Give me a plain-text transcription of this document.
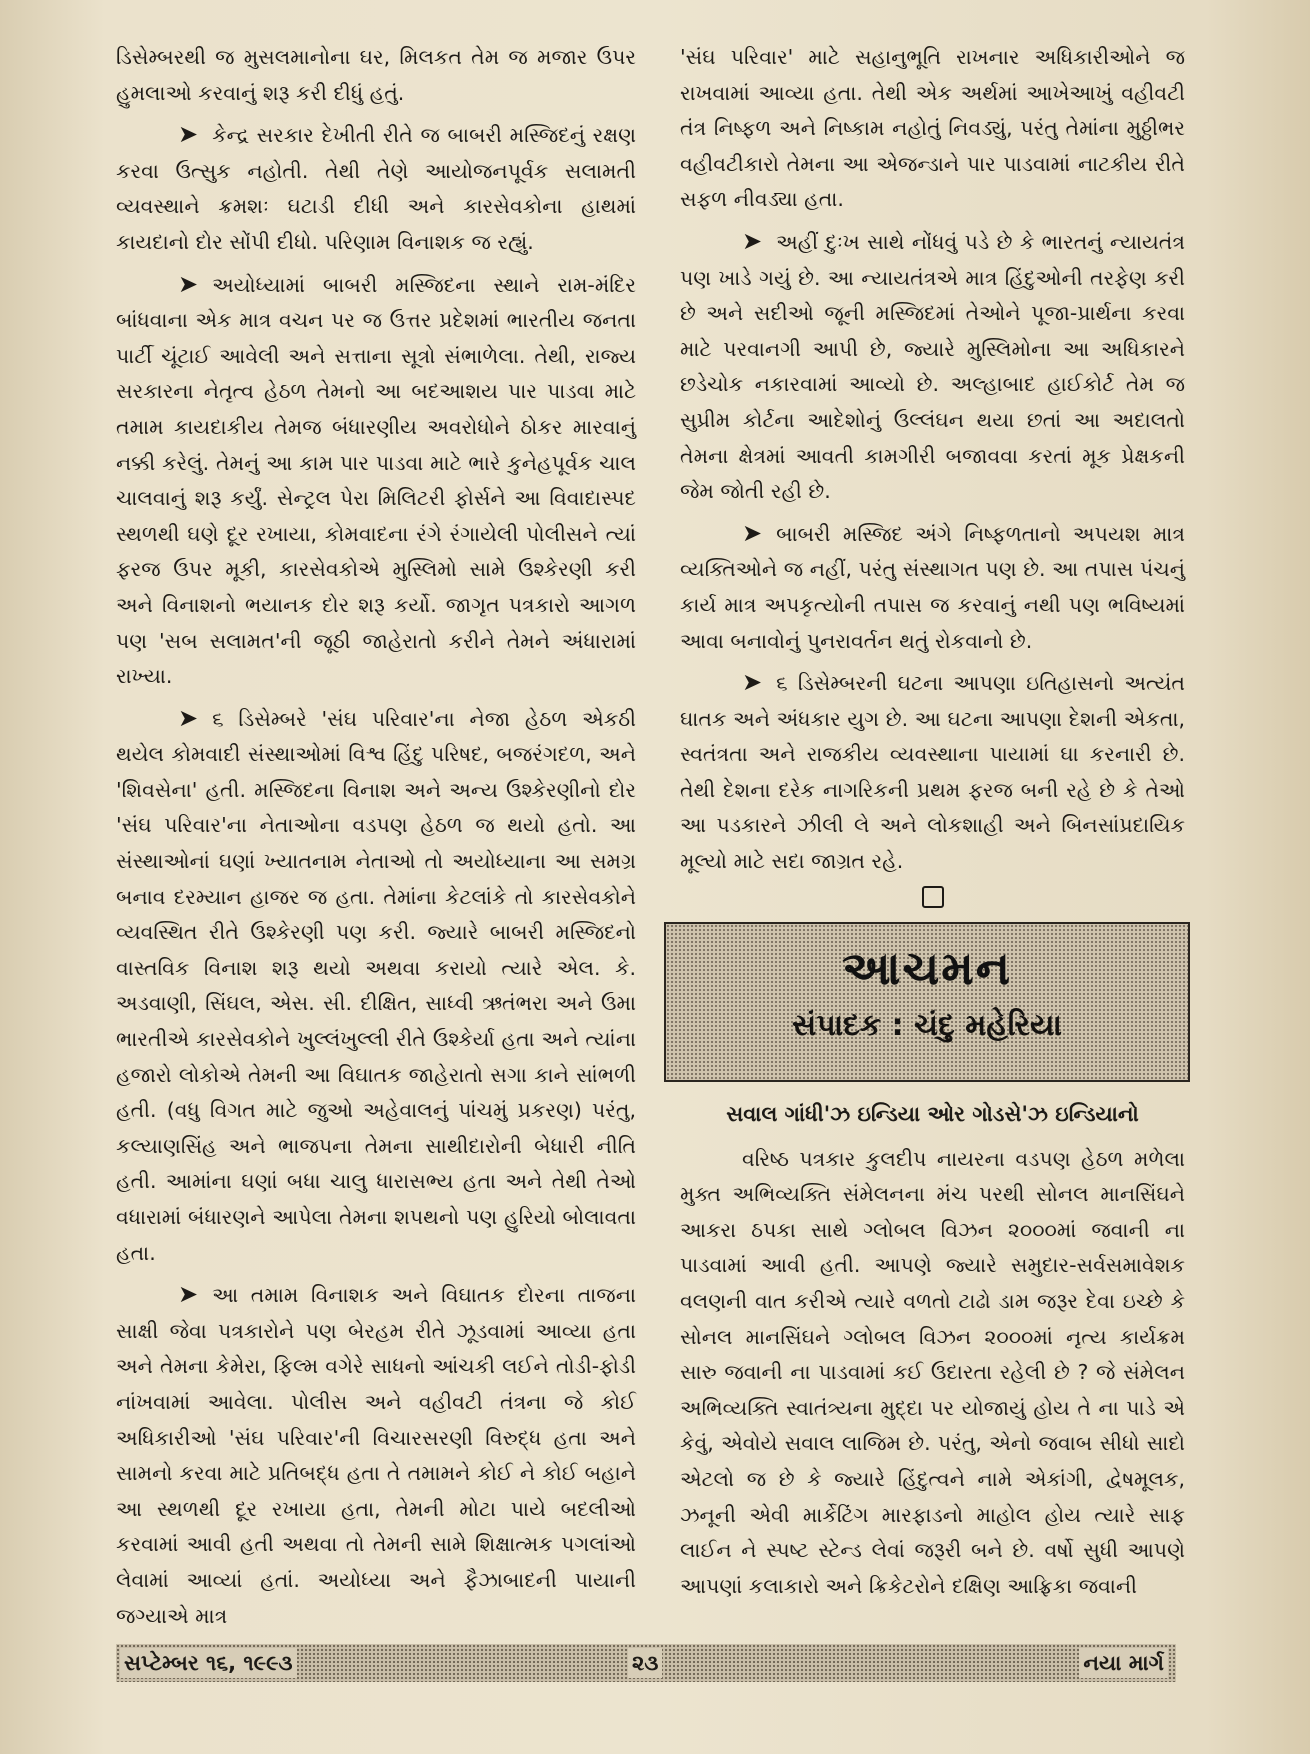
ડિસેમ્બરથી જ મુસલમાનોના ઘર, મિલકત તેમ જ મજાર ઉપર હુમલાઓ કરવાનું શરૂ કરી દીધું હતું.

➤ કેન્દ્ર સરકાર દેખીતી રીતે જ બાબરી મસ્જિદનું રક્ષણ કરવા ઉત્સુક નહોતી. તેથી તેણે આયોજનપૂર્વક સલામતી વ્યવસ્થાને ક્રમશઃ ઘટાડી દીધી અને કારસેવકોના હાથમાં કાયદાનો દોર સોંપી દીધો. પરિણામ વિનાશક જ રહ્યું.

➤ અયોધ્યામાં બાબરી મસ્જિદના સ્થાને રામ-મંદિર બાંધવાના એક માત્ર વચન પર જ ઉત્તર પ્રદેશમાં ભારતીય જનતા પાર્ટી ચૂંટાઈ આવેલી અને સત્તાના સૂત્રો સંભાળેલા. તેથી, રાજ્ય સરકારના નેતૃત્વ હેઠળ તેમનો આ બદઆશય પાર પાડવા માટે તમામ કાયદાકીય તેમજ બંધારણીય અવરોધોને ઠોકર મારવાનું નક્કી કરેલું. તેમનું આ કામ પાર પાડવા માટે ભારે કુનેહપૂર્વક ચાલ ચાલવાનું શરૂ કર્યું. સેન્ટ્રલ પેરા મિલિટરી ફોર્સને આ વિવાદાસ્પદ સ્થળથી ઘણે દૂર રખાયા, કોમવાદના રંગે રંગાયેલી પોલીસને ત્યાં ફરજ ઉપર મૂકી, કારસેવકોએ મુસ્લિમો સામે ઉશ્કેરણી કરી અને વિનાશનો ભયાનક દોર શરૂ કર્યો. જાગૃત પત્રકારો આગળ પણ 'સબ સલામત'ની જૂઠી જાહેરાતો કરીને તેમને અંધારામાં રાખ્યા.

➤ ૬ ડિસેમ્બરે 'સંઘ પરિવાર'ના નેજા હેઠળ એકઠી થયેલ કોમવાદી સંસ્થાઓમાં વિશ્વ હિંદુ પરિષદ, બજરંગદળ, અને 'શિવસેના' હતી. મસ્જિદના વિનાશ અને અન્ય ઉશ્કેરણીનો દોર 'સંઘ પરિવાર'ના નેતાઓના વડપણ હેઠળ જ થયો હતો. આ સંસ્થાઓનાં ઘણાં ખ્યાતનામ નેતાઓ તો અયોધ્યાના આ સમગ્ર બનાવ દરમ્યાન હાજર જ હતા. તેમાંના કેટલાંકે તો કારસેવકોને વ્યવસ્થિત રીતે ઉશ્કેરણી પણ કરી. જ્યારે બાબરી મસ્જિદનો વાસ્તવિક વિનાશ શરૂ થયો અથવા કરાયો ત્યારે એલ. કે. અડવાણી, સિંઘલ, એસ. સી. દીક્ષિત, સાધ્વી ઋતંભરા અને ઉમા ભારતીએ કારસેવકોને ખુલ્લંખુલ્લી રીતે ઉશ્કેર્યા હતા અને ત્યાંના હજારો લોકોએ તેમની આ વિઘાતક જાહેરાતો સગા કાને સાંભળી હતી. (વધુ વિગત માટે જુઓ અહેવાલનું પાંચમું પ્રકરણ) પરંતુ, કલ્યાણસિંહ અને ભાજપના તેમના સાથીદારોની બેધારી નીતિ હતી. આમાંના ઘણાં બધા ચાલુ ધારાસભ્ય હતા અને તેથી તેઓ વધારામાં બંધારણને આપેલા તેમના શપથનો પણ હુરિયો બોલાવતા હતા.

➤ આ તમામ વિનાશક અને વિઘાતક દોરના તાજના સાક્ષી જેવા પત્રકારોને પણ બેરહમ રીતે ઝૂડવામાં આવ્યા હતા અને તેમના કેમેરા, ફિલ્મ વગેરે સાધનો આંચકી લઈને તોડી-ફોડી નાંખવામાં આવેલા. પોલીસ અને વહીવટી તંત્રના જે કોઈ અધિકારીઓ 'સંઘ પરિવાર'ની વિચારસરણી વિરુદ્ધ હતા અને સામનો કરવા માટે પ્રતિબદ્ધ હતા તે તમામને કોઈ ને કોઈ બહાને આ સ્થળથી દૂર રખાયા હતા, તેમની મોટા પાયે બદલીઓ કરવામાં આવી હતી અથવા તો તેમની સામે શિક્ષાત્મક પગલાંઓ લેવામાં આવ્યાં હતાં. અયોધ્યા અને ફૈઝાબાદની પાયાની જગ્યાએ માત્ર

'સંઘ પરિવાર' માટે સહાનુભૂતિ રાખનાર અધિકારીઓને જ રાખવામાં આવ્યા હતા. તેથી એક અર્થમાં આખેઆખું વહીવટી તંત્ર નિષ્ફળ અને નિષ્કામ નહોતું નિવડ્યું, પરંતુ તેમાંના મુઠ્ઠીભર વહીવટીકારો તેમના આ એજન્ડાને પાર પાડવામાં નાટકીય રીતે સફળ નીવડ્યા હતા.

➤ અહીં દુઃખ સાથે નોંધવું પડે છે કે ભારતનું ન્યાયતંત્ર પણ ખાડે ગયું છે. આ ન્યાયતંત્રએ માત્ર હિંદુઓની તરફેણ કરી છે અને સદીઓ જૂની મસ્જિદમાં તેઓને પૂજા-પ્રાર્થના કરવા માટે પરવાનગી આપી છે, જ્યારે મુસ્લિમોના આ અધિકારને છડેચોક નકારવામાં આવ્યો છે. અલ્હાબાદ હાઈકોર્ટ તેમ જ સુપ્રીમ કોર્ટના આદેશોનું ઉલ્લંઘન થયા છતાં આ અદાલતો તેમના ક્ષેત્રમાં આવતી કામગીરી બજાવવા કરતાં મૂક પ્રેક્ષકની જેમ જોતી રહી છે.

➤ બાબરી મસ્જિદ અંગે નિષ્ફળતાનો અપયશ માત્ર વ્યક્તિઓને જ નહીં, પરંતુ સંસ્થાગત પણ છે. આ તપાસ પંચનું કાર્ય માત્ર અપકૃત્યોની તપાસ જ કરવાનું નથી પણ ભવિષ્યમાં આવા બનાવોનું પુનરાવર્તન થતું રોકવાનો છે.

➤ ૬ ડિસેમ્બરની ઘટના આપણા ઇતિહાસનો અત્યંત ઘાતક અને અંધકાર યુગ છે. આ ઘટના આપણા દેશની એકતા, સ્વતંત્રતા અને રાજકીય વ્યવસ્થાના પાયામાં ઘા કરનારી છે. તેથી દેશના દરેક નાગરિકની પ્રથમ ફરજ બની રહે છે કે તેઓ આ પડકારને ઝીલી લે અને લોકશાહી અને બિનસાંપ્રદાયિક મૂલ્યો માટે સદા જાગ્રત રહે.

આચમન
સંપાદક : ચંદુ મહેરિયા
સવાલ ગાંધી'ઝ ઇન્ડિયા ઓર ગોડસે'ઝ ઇન્ડિયાનો

વરિષ્ઠ પત્રકાર કુલદીપ નાયરના વડપણ હેઠળ મળેલા મુક્ત અભિવ્યક્તિ સંમેલનના મંચ પરથી સોનલ માનસિંઘને આકરા ઠપકા સાથે ગ્લોબલ વિઝન ૨૦૦૦માં જવાની ના પાડવામાં આવી હતી. આપણે જ્યારે સમુદાર-સર્વસમાવેશક વલણની વાત કરીએ ત્યારે વળતો ટાઢો ડામ જરૂર દેવા ઇચ્છે કે સોનલ માનસિંઘને ગ્લોબલ વિઝન ૨૦૦૦માં નૃત્ય કાર્યક્રમ સારુ જવાની ના પાડવામાં કઈ ઉદારતા રહેલી છે ? જે સંમેલન અભિવ્યક્તિ સ્વાતંત્ર્યના મુદ્દા પર યોજાયું હોય તે ના પાડે એ કેવું, એવોયે સવાલ લાજિમ છે. પરંતુ, એનો જવાબ સીધો સાદો એટલો જ છે કે જ્યારે હિંદુત્વને નામે એકાંગી, દ્વેષમૂલક, ઝનૂની એવી માર્કેટિંગ મારફાડનો માહોલ હોય ત્યારે સાફ લાઈન ને સ્પષ્ટ સ્ટેન્ડ લેવાં જરૂરી બને છે. વર્ષો સુધી આપણે આપણાં કલાકારો અને ક્રિકેટરોને દક્ષિણ આફ્રિકા જવાની

સપ્ટેમ્બર ૧૬, ૧૯૯૩	૨૩	નયા માર્ગ
